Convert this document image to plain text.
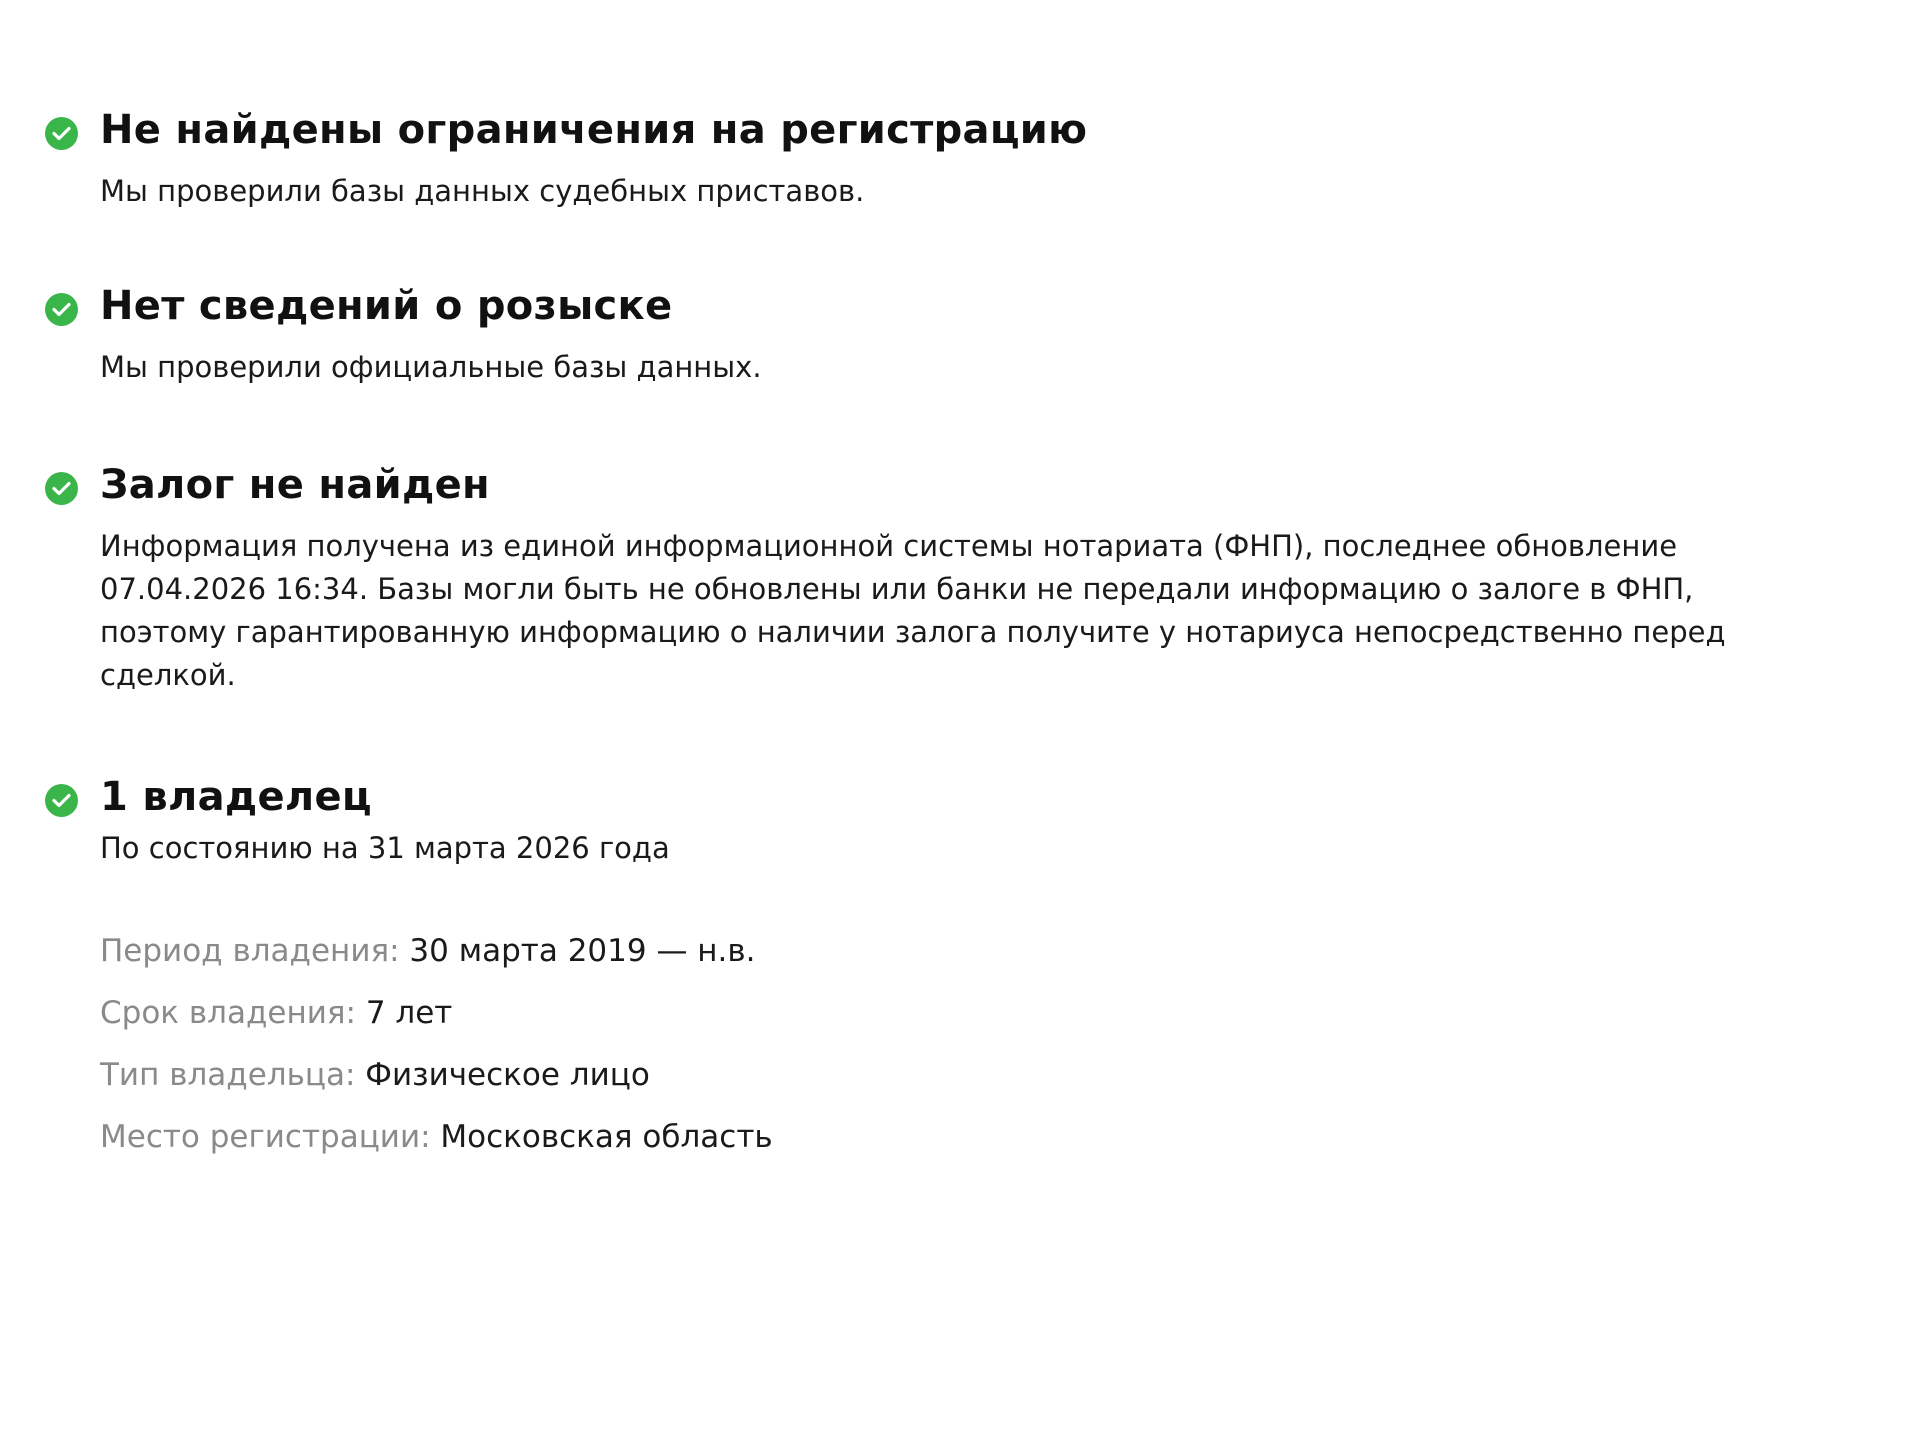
Не найдены ограничения на регистрацию

Мы проверили базы данных судебных приставов.

Нет сведений о розыске

Мы проверили официальные базы данных.

Залог не найден

Информация получена из единой информационной системы нотариата (ФНП), последнее обновление 07.04.2026 16:34. Базы могли быть не обновлены или банки не передали информацию о залоге в ФНП, поэтому гарантированную информацию о наличии залога получите у нотариуса непосредственно перед сделкой.

1 владелец

По состоянию на 31 марта 2026 года

Период владения: 30 марта 2019 — н.в.
Срок владения: 7 лет
Тип владельца: Физическое лицо
Место регистрации: Московская область
